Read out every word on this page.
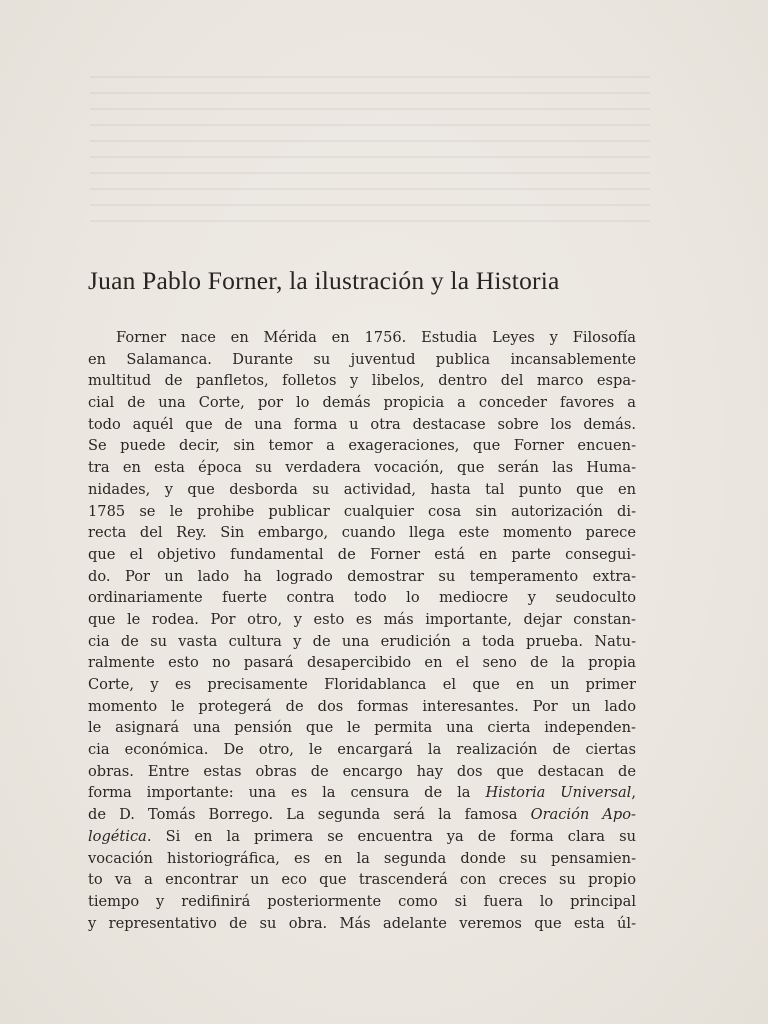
Juan Pablo Forner, la ilustración y la Historia
Forner nace en Mérida en 1756. Estudia Leyes y Filosofía
en Salamanca. Durante su juventud publica incansablemente
multitud de panfletos, folletos y libelos, dentro del marco espa-
cial de una Corte, por lo demás propicia a conceder favores a
todo aquél que de una forma u otra destacase sobre los demás.
Se puede decir, sin temor a exageraciones, que Forner encuen-
tra en esta época su verdadera vocación, que serán las Huma-
nidades, y que desborda su actividad, hasta tal punto que en
1785 se le prohibe publicar cualquier cosa sin autorización di-
recta del Rey. Sin embargo, cuando llega este momento parece
que el objetivo fundamental de Forner está en parte consegui-
do. Por un lado ha logrado demostrar su temperamento extra-
ordinariamente fuerte contra todo lo mediocre y seudoculto
que le rodea. Por otro, y esto es más importante, dejar constan-
cia de su vasta cultura y de una erudición a toda prueba. Natu-
ralmente esto no pasará desapercibido en el seno de la propia
Corte, y es precisamente Floridablanca el que en un primer
momento le protegerá de dos formas interesantes. Por un lado
le asignará una pensión que le permita una cierta independen-
cia económica. De otro, le encargará la realización de ciertas
obras. Entre estas obras de encargo hay dos que destacan de
forma importante: una es la censura de la Historia Universal,
de D. Tomás Borrego. La segunda será la famosa Oración Apo-
logética. Si en la primera se encuentra ya de forma clara su
vocación historiográfica, es en la segunda donde su pensamien-
to va a encontrar un eco que trascenderá con creces su propio
tiempo y redifinirá posteriormente como si fuera lo principal
y representativo de su obra. Más adelante veremos que esta úl-
